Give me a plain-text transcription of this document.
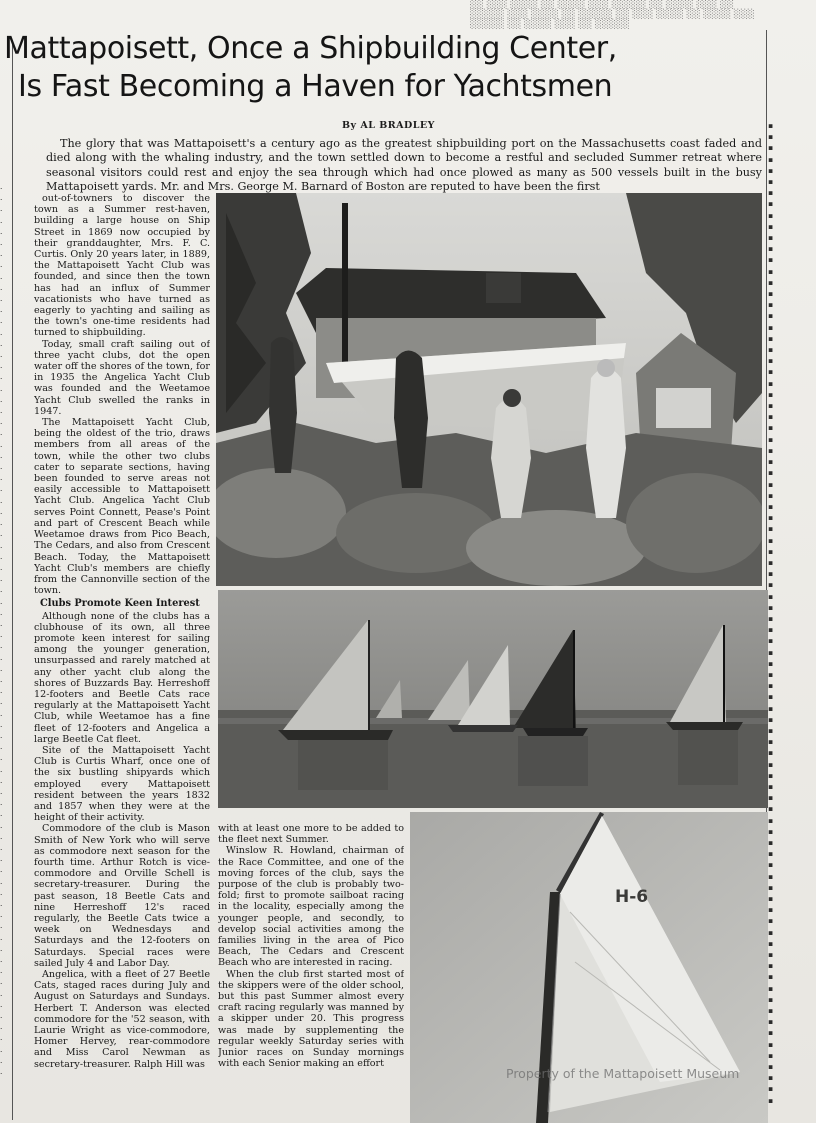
░░ ░░░ ░░░░ ░░ ░░░░ ░░░ ░░░░░ ░░ ░░░░ ░░░ ░░ ░░░░░ ░░░ ░░░░ ░░ ░░░░░ ░░ ░░░ ░░░░ ░░ ░░░░ ░░░ ░░░░░ ░░ ░░░░ ░░░ ░░ ░░░░░
Mattapoisett, Once a Shipbuilding Center,
Is Fast Becoming a Haven for Yachtsmen
By AL BRADLEY
The glory that was Mattapoisett's a century ago as the greatest shipbuilding port on the Massachusetts coast faded and died along with the whaling industry, and the town settled down to become a restful and secluded Summer retreat where seasonal visitors could rest and enjoy the sea through which had once plowed as many as 500 vessels built in the busy Mattapoisett yards. Mr. and Mrs. George M. Barnard of Boston are reputed to have been the first
·
·
·
·
·
·
·
·
·
·
·
·
·
·
·
·
·
·
·
·
·
·
·
·
·
·
·
·
·
·
·
·
·
·
·
·
·
·
·
·
·
·
·
·
·
·
·
·
·
·
·
·
·
·
·
·
·
·
·
·
·
·
·
·
·
·
·
·
·
·
·
·
·
·
·
·
·
·
·
·
▪
▪
▪
▪
▪
▪
▪
▪
▪
▪
▪
▪
▪
▪
▪
▪
▪
▪
▪
▪
▪
▪
▪
▪
▪
▪
▪
▪
▪
▪
▪
▪
▪
▪
▪
▪
▪
▪
▪
▪
▪
▪
▪
▪
▪
▪
▪
▪
▪
▪
▪
▪
▪
▪
▪
▪
▪
▪
▪
▪
▪
▪
▪
▪
▪
▪
▪
▪
▪
▪
▪
▪
▪
▪
▪
▪
▪
▪
▪
▪
▪
▪
▪
▪
▪
▪
▪
▪

out-of-towners to discover the town as a Summer rest-haven, building a large house on Ship Street in 1869 now occupied by their granddaughter, Mrs. F. C. Curtis. Only 20 years later, in 1889, the Mattapoisett Yacht Club was founded, and since then the town has had an influx of Summer vacationists who have turned as eagerly to yachting and sailing as the town's one-time residents had turned to shipbuilding.

Today, small craft sailing out of three yacht clubs, dot the open water off the shores of the town, for in 1935 the Angelica Yacht Club was founded and the Weetamoe Yacht Club swelled the ranks in 1947.

The Mattapoisett Yacht Club, being the oldest of the trio, draws members from all areas of the town, while the other two clubs cater to separate sections, having been founded to serve areas not easily accessible to Mattapoisett Yacht Club. Angelica Yacht Club serves Point Connett, Pease's Point and part of Crescent Beach while Weetamoe draws from Pico Beach, The Cedars, and also from Crescent Beach. Today, the Mattapoisett Yacht Club's members are chiefly from the Cannonville section of the town.

Clubs Promote Keen Interest

Although none of the clubs has a clubhouse of its own, all three promote keen interest for sailing among the younger generation, unsurpassed and rarely matched at any other yacht club along the shores of Buzzards Bay. Herreshoff 12-footers and Beetle Cats race regularly at the Mattapoisett Yacht Club, while Weetamoe has a fine fleet of 12-footers and Angelica a large Beetle Cat fleet.

Site of the Mattapoisett Yacht Club is Curtis Wharf, once one of the six bustling shipyards which employed every Mattapoisett resident between the years 1832 and 1857 when they were at the height of their activity.

Commodore of the club is Mason Smith of New York who will serve as commodore next season for the fourth time. Arthur Rotch is vice-commodore and Orville Schell is secretary-treasurer. During the past season, 18 Beetle Cats and nine Herreshoff 12's raced regularly, the Beetle Cats twice a week on Wednesdays and Saturdays and the 12-footers on Saturdays. Special races were sailed July 4 and Labor Day.

Angelica, with a fleet of 27 Beetle Cats, staged races during July and August on Saturdays and Sundays. Herbert T. Anderson was elected commodore for the '52 season, with Laurie Wright as vice-commodore, Homer Hervey, rear-commodore and Miss Carol Newman as secretary-treasurer. Ralph Hill was

with at least one more to be added to the fleet next Summer.

Winslow R. Howland, chairman of the Race Committee, and one of the moving forces of the club, says the purpose of the club is probably two-fold; first to promote sailboat racing in the locality, especially among the younger people, and secondly, to develop social activities among the families living in the area of Pico Beach, The Cedars and Crescent Beach who are interested in racing.

When the club first started most of the skippers were of the older school, but this past Summer almost every craft racing regularly was manned by a skipper under 20. This progress was made by supplementing the regular weekly Saturday series with Junior races on Sunday mornings with each Senior making an effort

H-6
Property of the Mattapoisett Museum
